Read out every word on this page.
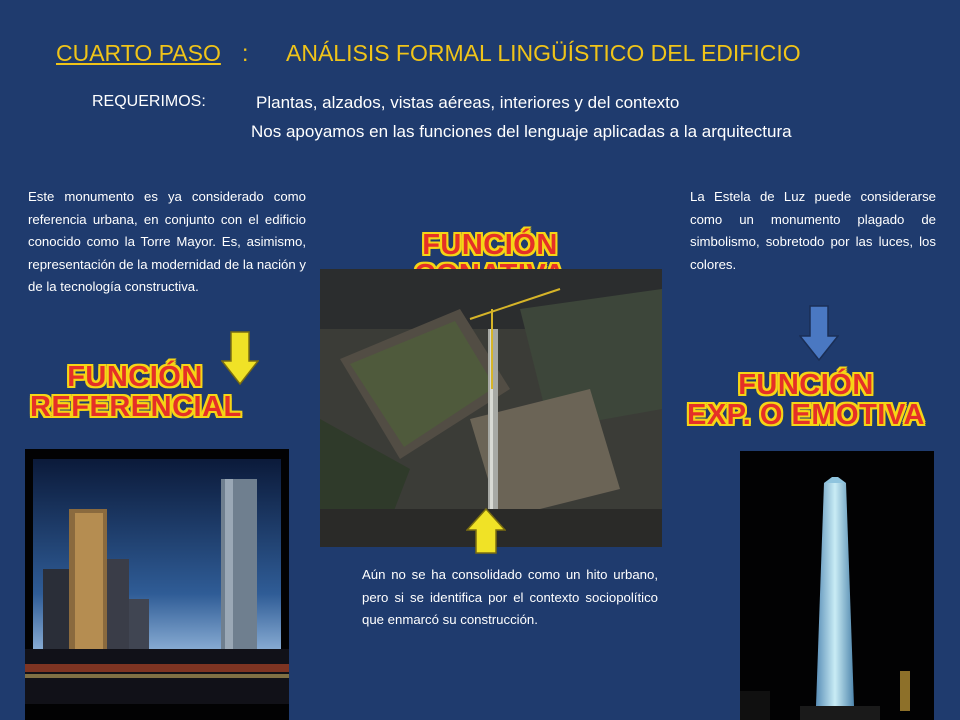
CUARTO PASO : ANÁLISIS FORMAL LINGÜÍSTICO DEL EDIFICIO
REQUERIMOS:	Plantas, alzados, vistas aéreas, interiores y del contexto
Nos apoyamos en las funciones del lenguaje aplicadas a la arquitectura
Este monumento es ya considerado como referencia urbana, en conjunto con el edificio conocido como la Torre Mayor. Es, asimismo, representación de la modernidad de la nación y de la tecnología constructiva.
FUNCIÓN
REFERENCIAL
FUNCIÓN
Aún no se ha consolidado como un hito urbano, pero si se identifica por el contexto sociopolítico que enmarcó su construcción.
La Estela de Luz puede considerarse como un monumento plagado de simbolismo, sobretodo por las luces, los colores.
FUNCIÓN
EXP. O EMOTIVA
